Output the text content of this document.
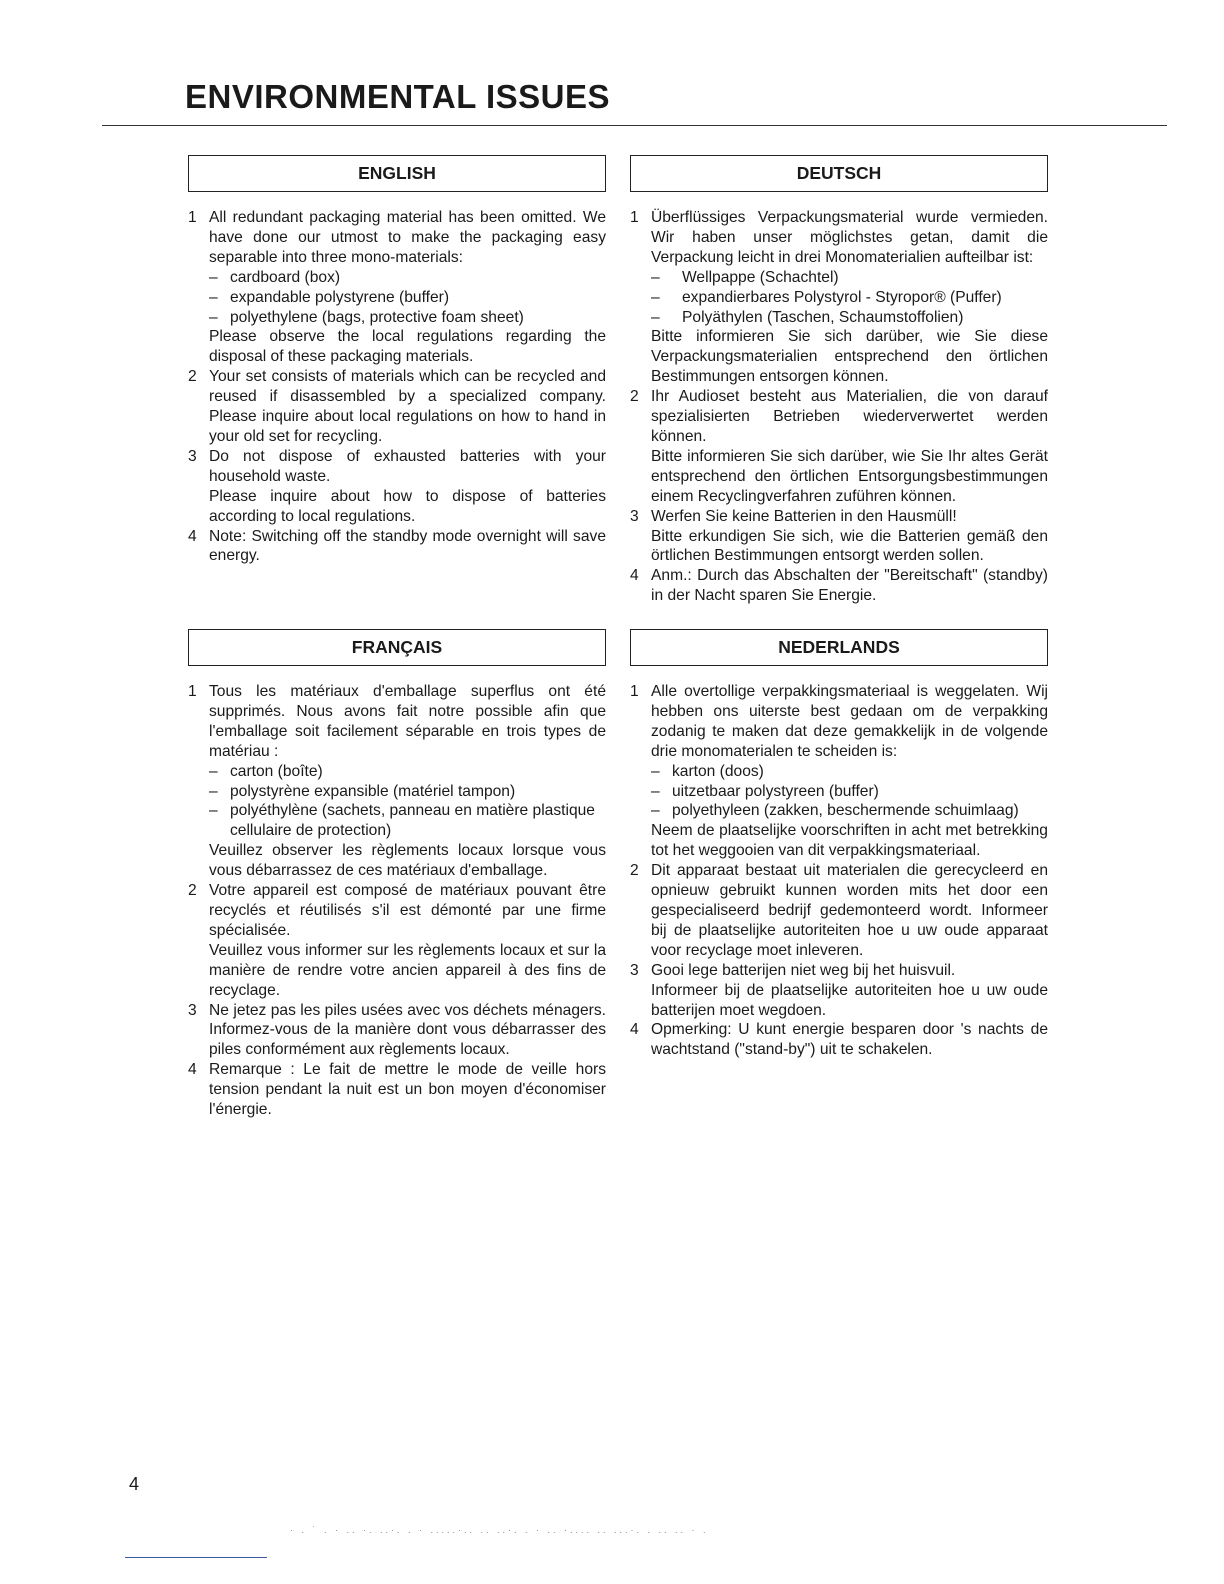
ENVIRONMENTAL ISSUES
ENGLISH
1 All redundant packaging material has been omitted. We have done our utmost to make the packaging easy separable into three mono-materials:

– cardboard (box)
– expandable polystyrene (buffer)
– polyethylene (bags, protective foam sheet)

Please observe the local regulations regarding the disposal of these packaging materials.

2 Your set consists of materials which can be recycled and reused if disassembled by a specialized company. Please inquire about local regulations on how to hand in your old set for recycling.

3 Do not dispose of exhausted batteries with your household waste.

Please inquire about how to dispose of batteries according to local regulations.

4 Note: Switching off the standby mode overnight will save energy.

DEUTSCH
1 Überflüssiges Verpackungsmaterial wurde vermieden. Wir haben unser möglichstes getan, damit die Verpackung leicht in drei Monomaterialien aufteilbar ist:

– Wellpappe (Schachtel)
– expandierbares Polystyrol - Styropor® (Puffer)
– Polyäthylen (Taschen, Schaumstoffolien)

Bitte informieren Sie sich darüber, wie Sie diese Verpackungsmaterialien entsprechend den örtlichen Bestimmungen entsorgen können.

2 Ihr Audioset besteht aus Materialien, die von darauf spezialisierten Betrieben wiederverwertet werden können.

Bitte informieren Sie sich darüber, wie Sie Ihr altes Gerät entsprechend den örtlichen Entsorgungsbestimmungen einem Recyclingverfahren zuführen können.

3 Werfen Sie keine Batterien in den Hausmüll!

Bitte erkundigen Sie sich, wie die Batterien gemäß den örtlichen Bestimmungen entsorgt werden sollen.

4 Anm.: Durch das Abschalten der "Bereitschaft" (standby) in der Nacht sparen Sie Energie.

FRANÇAIS
1 Tous les matériaux d'emballage superflus ont été supprimés. Nous avons fait notre possible afin que l'emballage soit facilement séparable en trois types de matériau :

– carton (boîte)
– polystyrène expansible (matériel tampon)
– polyéthylène (sachets, panneau en matière plastique cellulaire de protection)

Veuillez observer les règlements locaux lorsque vous vous débarrassez de ces matériaux d'emballage.

2 Votre appareil est composé de matériaux pouvant être recyclés et réutilisés s'il est démonté par une firme spécialisée.

Veuillez vous informer sur les règlements locaux et sur la manière de rendre votre ancien appareil à des fins de recyclage.

3 Ne jetez pas les piles usées avec vos déchets ménagers. Informez-vous de la manière dont vous débarrasser des piles conformément aux règlements locaux.

4 Remarque : Le fait de mettre le mode de veille hors tension pendant la nuit est un bon moyen d'économiser l'énergie.

NEDERLANDS
1 Alle overtollige verpakkingsmateriaal is weggelaten. Wij hebben ons uiterste best gedaan om de verpakking zodanig te maken dat deze gemakkelijk in de volgende drie monomaterialen te scheiden is:

– karton (doos)
– uitzetbaar polystyreen (buffer)
– polyethyleen (zakken, beschermende schuimlaag)

Neem de plaatselijke voorschriften in acht met betrekking tot het weggooien van dit verpakkingsmateriaal.

2 Dit apparaat bestaat uit materialen die gerecycleerd en opnieuw gebruikt kunnen worden mits het door een gespecialiseerd bedrijf gedemonteerd wordt. Informeer bij de plaatselijke autoriteiten hoe u uw oude apparaat voor recyclage moet inleveren.

3 Gooi lege batterijen niet weg bij het huisvuil.

Informeer bij de plaatselijke autoriteiten hoe u uw oude batterijen moet wegdoen.

4 Opmerking: U kunt energie besparen door 's nachts de wachtstand ("stand-by") uit te schakelen.

4
· . ˙ . · .. ·. ..·. . · .....·.. .. ..·. . · .. ·.... .. ...·. . .. .. · .
